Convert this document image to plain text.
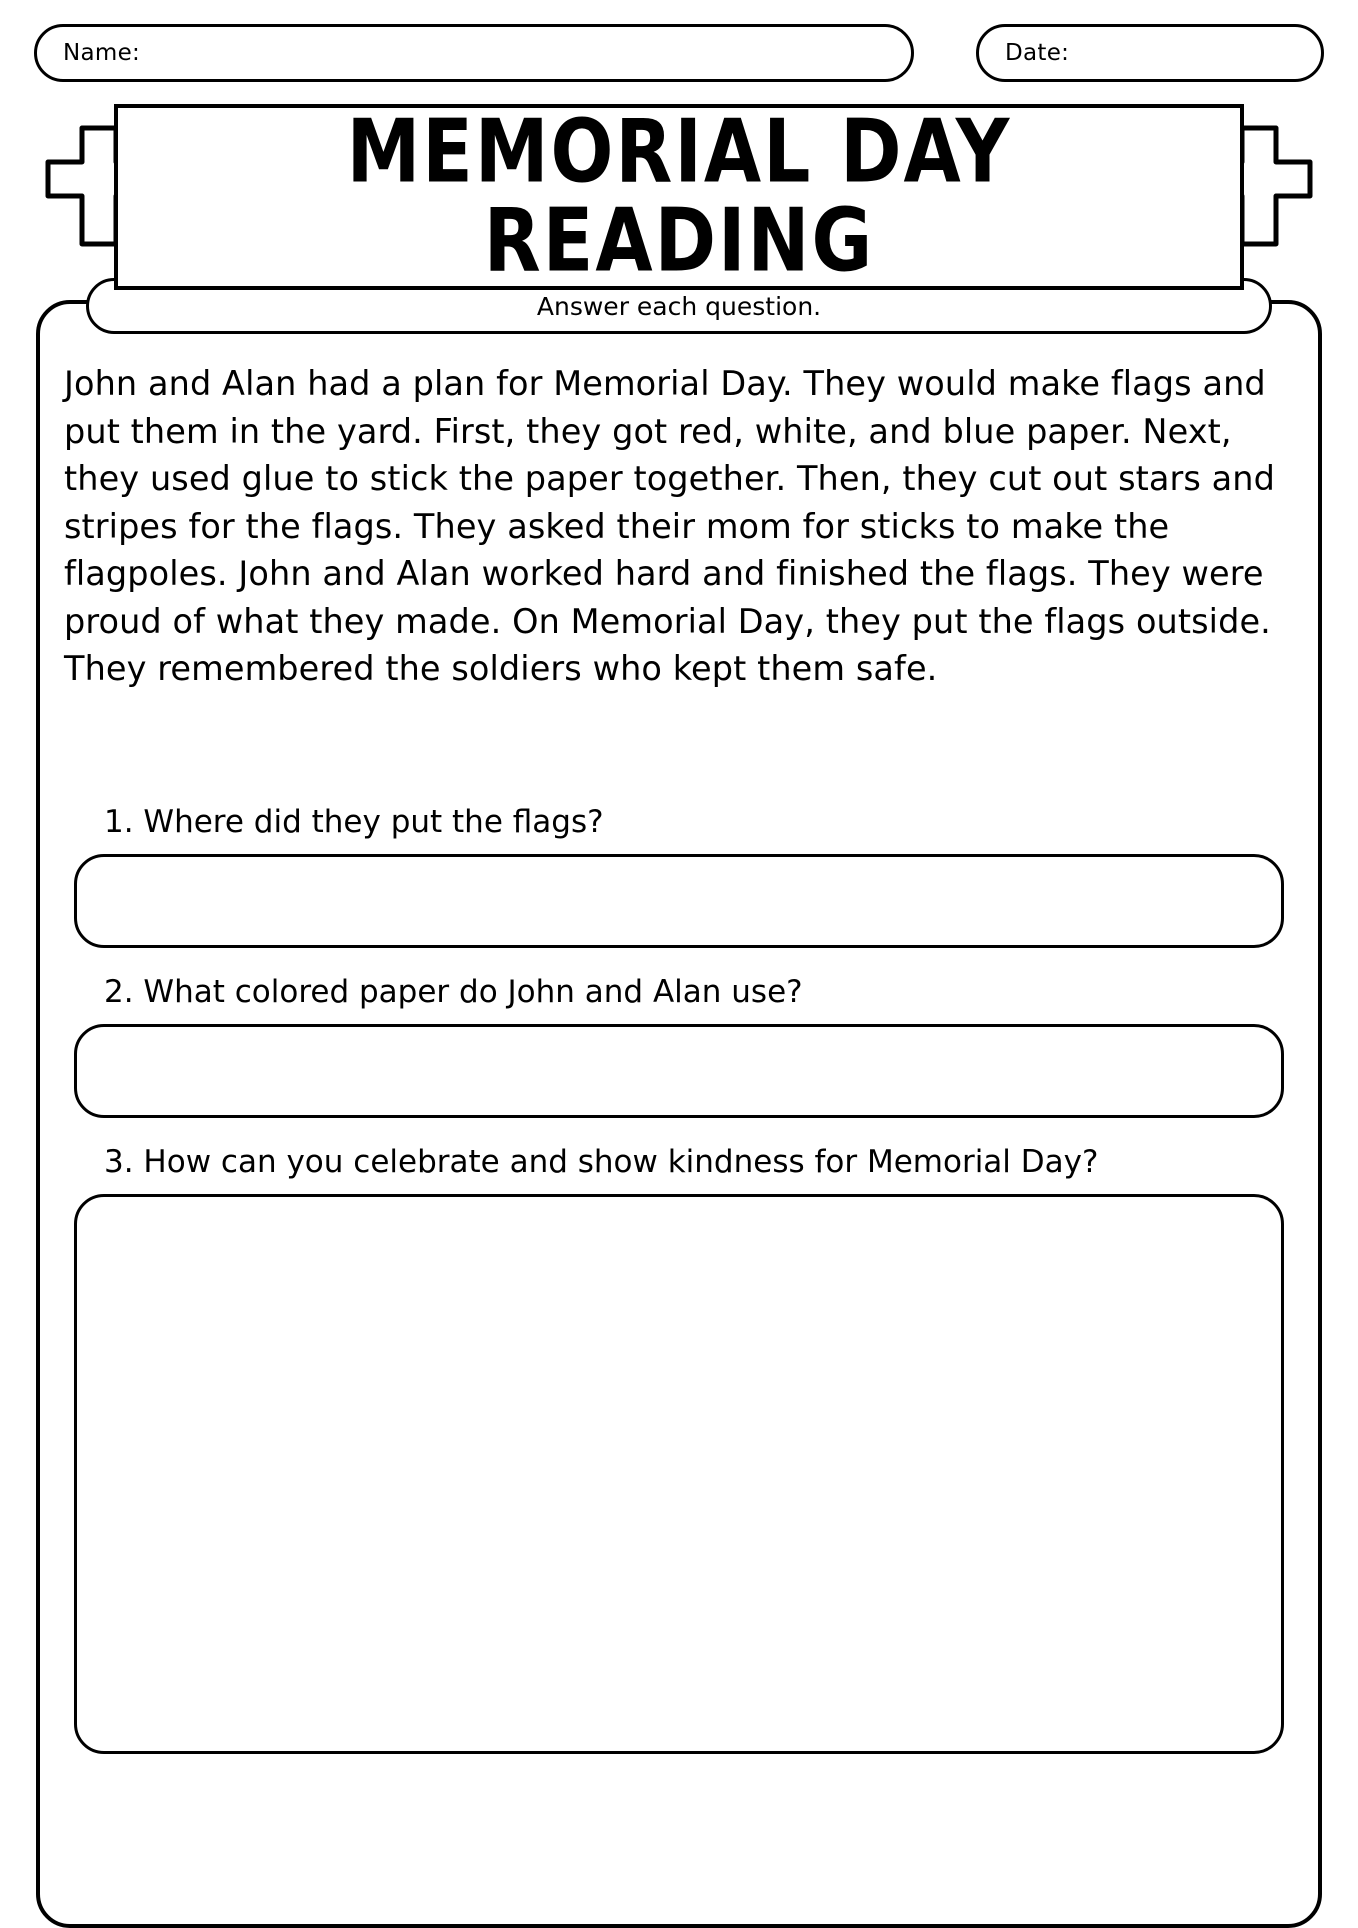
Name:	Date:
MEMORIAL DAY
READING
Answer each question.
John and Alan had a plan for Memorial Day. They would make flags and put them in the yard. First, they got red, white, and blue paper. Next, they used glue to stick the paper together. Then, they cut out stars and stripes for the flags. They asked their mom for sticks to make the flagpoles. John and Alan worked hard and finished the flags. They were proud of what they made. On Memorial Day, they put the flags outside. They remembered the soldiers who kept them safe.
1. Where did they put the flags?
2. What colored paper do John and Alan use?
3. How can you celebrate and show kindness for Memorial Day?
